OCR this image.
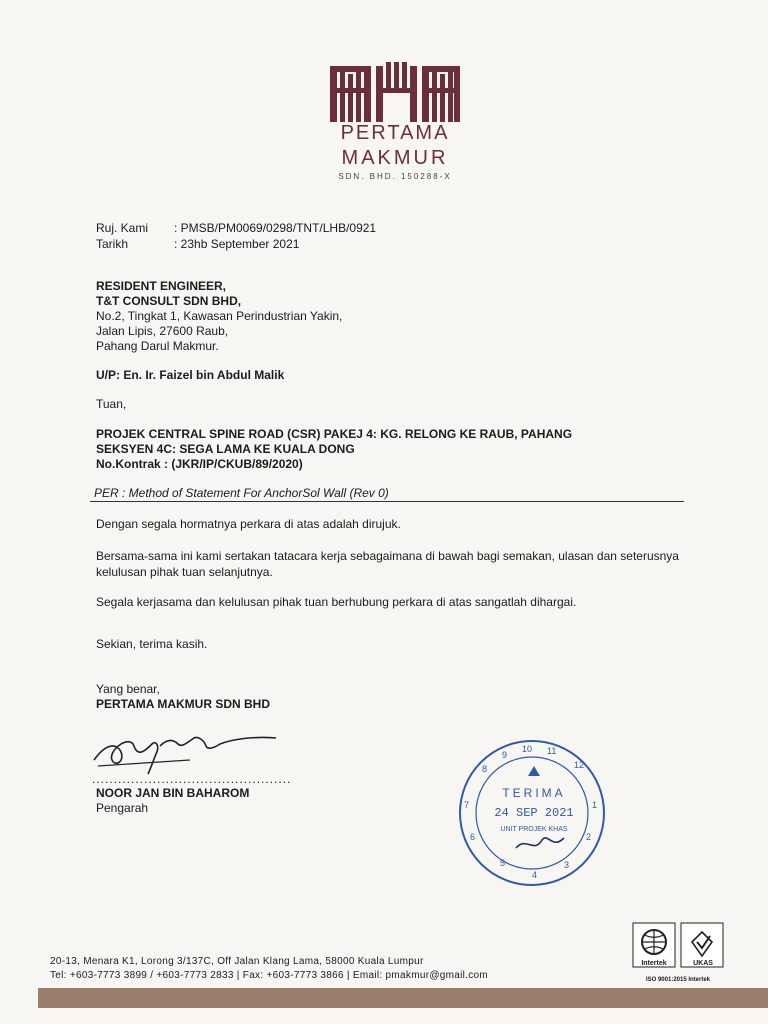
PERTAMA
MAKMUR
SDN. BHD. 150288-X
Ruj. Kami : PMSB/PM0069/0298/TNT/LHB/0921
Tarikh	: 23hb September 2021
RESIDENT ENGINEER,
T&T CONSULT SDN BHD,
No.2, Tingkat 1, Kawasan Perindustrian Yakin,
Jalan Lipis, 27600 Raub,
Pahang Darul Makmur.
U/P: En. Ir. Faizel bin Abdul Malik
Tuan,
PROJEK CENTRAL SPINE ROAD (CSR) PAKEJ 4: KG. RELONG KE RAUB, PAHANG
SEKSYEN 4C: SEGA LAMA KE KUALA DONG
No.Kontrak : (JKR/IP/CKUB/89/2020)
PER : Method of Statement For AnchorSol Wall (Rev 0)
Dengan segala hormatnya perkara di atas adalah dirujuk.
Bersama-sama ini kami sertakan tatacara kerja sebagaimana di bawah bagi semakan, ulasan dan seterusnya kelulusan pihak tuan selanjutnya.
Segala kerjasama dan kelulusan pihak tuan berhubung perkara di atas sangatlah dihargai.
Sekian, terima kasih.
Yang benar,
PERTAMA MAKMUR SDN BHD
..............................................
NOOR JAN BIN BAHAROM
Pengarah
8
9
10 11
12
1
2
3
4
5
6
7
TERIMA
24 SEP 2021
UNIT PROJEK KHAS
Intertek	UKAS
ISO 9001:2015 Intertek
20-13, Menara K1, Lorong 3/137C, Off Jalan Klang Lama, 58000 Kuala Lumpur
Tel: +603-7773 3899 / +603-7773 2833 | Fax: +603-7773 3866 | Email: pmakmur@gmail.com
